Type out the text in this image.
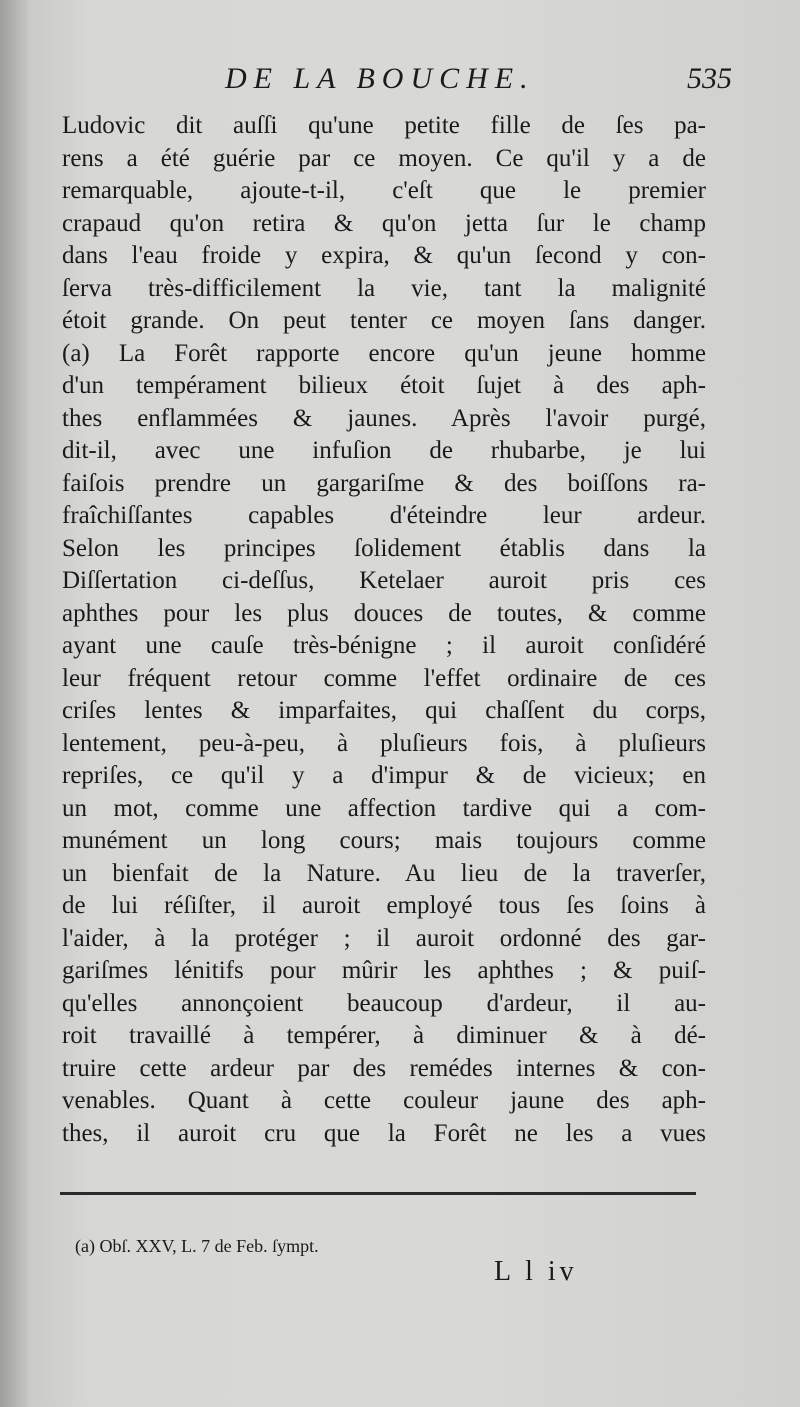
DE LA BOUCHE.	535
Ludovic dit auſſi qu'une petite fille de ſes pa-
rens a été guérie par ce moyen. Ce qu'il y a de
remarquable, ajoute-t-il, c'eſt que le premier
crapaud qu'on retira & qu'on jetta ſur le champ
dans l'eau froide y expira, & qu'un ſecond y con-
ſerva très-difficilement la vie, tant la malignité
étoit grande. On peut tenter ce moyen ſans danger.
(a) La Forêt rapporte encore qu'un jeune homme
d'un tempérament bilieux étoit ſujet à des aph-
thes enflammées & jaunes. Après l'avoir purgé,
dit-il, avec une infuſion de rhubarbe, je lui
faiſois prendre un gargariſme & des boiſſons ra-
fraîchiſſantes capables d'éteindre leur ardeur.
Selon les principes ſolidement établis dans la
Diſſertation ci-deſſus, Ketelaer auroit pris ces
aphthes pour les plus douces de toutes, & comme
ayant une cauſe très-bénigne ; il auroit conſidéré
leur fréquent retour comme l'effet ordinaire de ces
criſes lentes & imparfaites, qui chaſſent du corps,
lentement, peu-à-peu, à pluſieurs fois, à pluſieurs
repriſes, ce qu'il y a d'impur & de vicieux; en
un mot, comme une affection tardive qui a com-
munément un long cours; mais toujours comme
un bienfait de la Nature. Au lieu de la traverſer,
de lui réſiſter, il auroit employé tous ſes ſoins à
l'aider, à la protéger ; il auroit ordonné des gar-
gariſmes lénitifs pour mûrir les aphthes ; & puiſ-
qu'elles annonçoient beaucoup d'ardeur, il au-
roit travaillé à tempérer, à diminuer & à dé-
truire cette ardeur par des remédes internes & con-
venables. Quant à cette couleur jaune des aph-
thes, il auroit cru que la Forêt ne les a vues
(a) Obſ. XXV, L. 7 de Feb. ſympt.
L l iv
